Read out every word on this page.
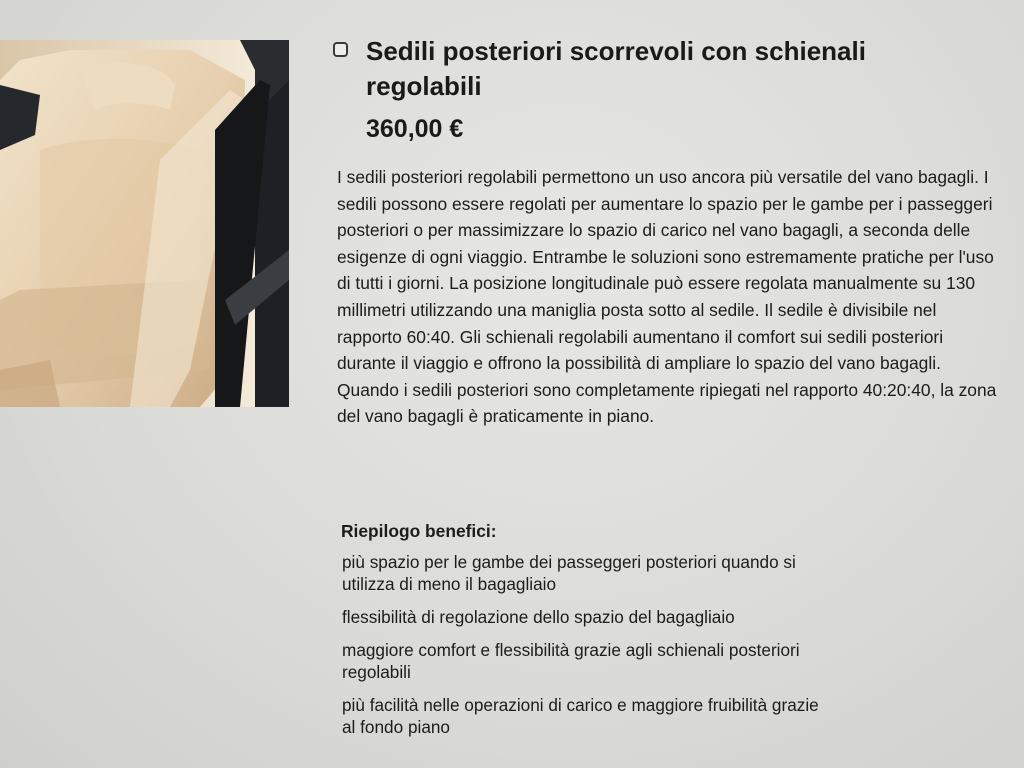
Sedili posteriori scorrevoli con schienali regolabili

360,00 €

I sedili posteriori regolabili permettono un uso ancora più versatile del vano bagagli. I sedili possono essere regolati per aumentare lo spazio per le gambe per i passeggeri posteriori o per massimizzare lo spazio di carico nel vano bagagli, a seconda delle esigenze di ogni viaggio. Entrambe le soluzioni sono estremamente pratiche per l'uso di tutti i giorni. La posizione longitudinale può essere regolata manualmente su 130 millimetri utilizzando una maniglia posta sotto al sedile. Il sedile è divisibile nel rapporto 60:40. Gli schienali regolabili aumentano il comfort sui sedili posteriori durante il viaggio e offrono la possibilità di ampliare lo spazio del vano bagagli. Quando i sedili posteriori sono completamente ripiegati nel rapporto 40:20:40, la zona del vano bagagli è praticamente in piano.

Riepilogo benefici:

più spazio per le gambe dei passeggeri posteriori quando si utilizza di meno il bagagliaio
flessibilità di regolazione dello spazio del bagagliaio
maggiore comfort e flessibilità grazie agli schienali posteriori regolabili
più facilità nelle operazioni di carico e maggiore fruibilità grazie al fondo piano
